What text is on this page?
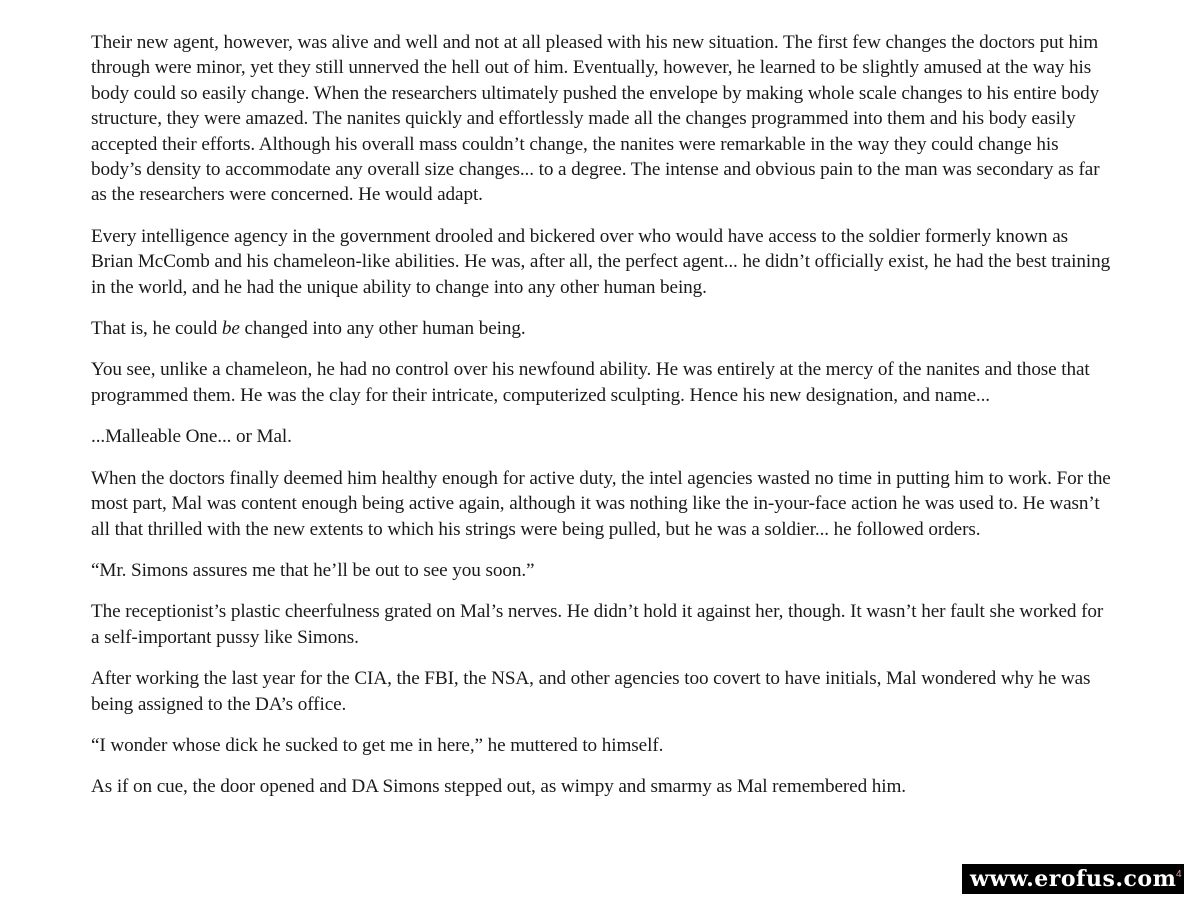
Their new agent, however, was alive and well and not at all pleased with his new situation. The first few changes the doctors put him through were minor, yet they still unnerved the hell out of him. Eventually, however, he learned to be slightly amused at the way his body could so easily change. When the researchers ultimately pushed the envelope by making whole scale changes to his entire body structure, they were amazed. The nanites quickly and effortlessly made all the changes programmed into them and his body easily accepted their efforts. Although his overall mass couldn’t change, the nanites were remarkable in the way they could change his body’s density to accommodate any overall size changes... to a degree. The intense and obvious pain to the man was secondary as far as the researchers were concerned. He would adapt.

Every intelligence agency in the government drooled and bickered over who would have access to the soldier formerly known as Brian McComb and his chameleon-like abilities. He was, after all, the perfect agent... he didn’t officially exist, he had the best training in the world, and he had the unique ability to change into any other human being.

That is, he could be changed into any other human being.

You see, unlike a chameleon, he had no control over his newfound ability. He was entirely at the mercy of the nanites and those that programmed them. He was the clay for their intricate, computerized sculpting. Hence his new designation, and name...

...Malleable One... or Mal.

When the doctors finally deemed him healthy enough for active duty, the intel agencies wasted no time in putting him to work. For the most part, Mal was content enough being active again, although it was nothing like the in-your-face action he was used to. He wasn’t all that thrilled with the new extents to which his strings were being pulled, but he was a soldier... he followed orders.

“Mr. Simons assures me that he’ll be out to see you soon.”

The receptionist’s plastic cheerfulness grated on Mal’s nerves. He didn’t hold it against her, though. It wasn’t her fault she worked for a self-important pussy like Simons.

After working the last year for the CIA, the FBI, the NSA, and other agencies too covert to have initials, Mal wondered why he was being assigned to the DA’s office.

“I wonder whose dick he sucked to get me in here,” he muttered to himself.

As if on cue, the door opened and DA Simons stepped out, as wimpy and smarmy as Mal remembered him.

www.erofus.com 4
